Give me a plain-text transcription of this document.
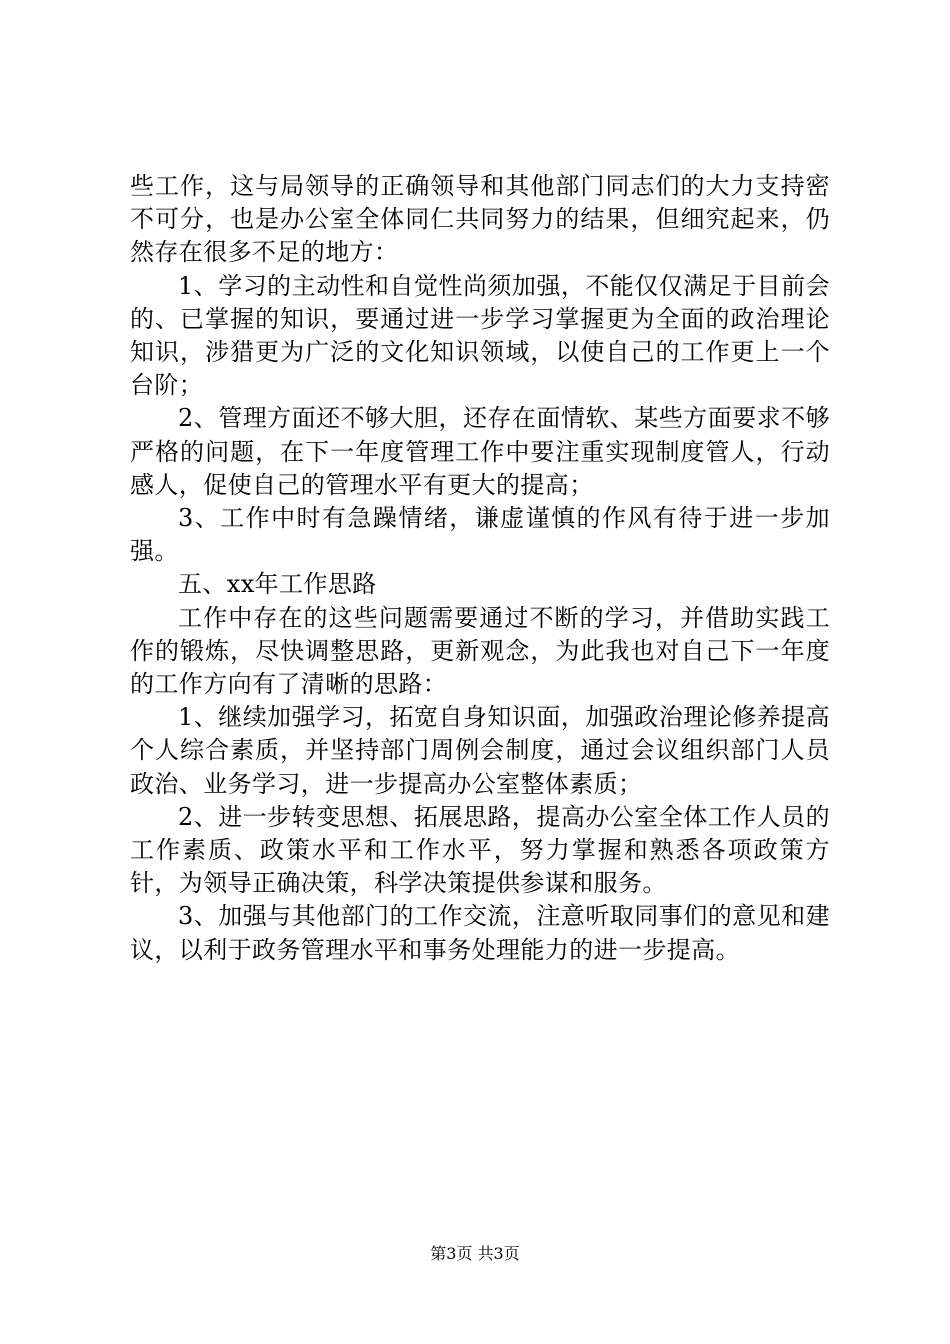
些工作，这与局领导的正确领导和其他部门同志们的大力支持密不可分，也是办公室全体同仁共同努力的结果，但细究起来，仍然存在很多不足的地方：

1、学习的主动性和自觉性尚须加强，不能仅仅满足于目前会的、已掌握的知识，要通过进一步学习掌握更为全面的政治理论知识，涉猎更为广泛的文化知识领域，以使自己的工作更上一个台阶；

2、管理方面还不够大胆，还存在面情软、某些方面要求不够严格的问题，在下一年度管理工作中要注重实现制度管人，行动感人，促使自己的管理水平有更大的提高；

3、工作中时有急躁情绪，谦虚谨慎的作风有待于进一步加强。

五、xx年工作思路

工作中存在的这些问题需要通过不断的学习，并借助实践工作的锻炼，尽快调整思路，更新观念，为此我也对自己下一年度的工作方向有了清晰的思路：

1、继续加强学习，拓宽自身知识面，加强政治理论修养提高个人综合素质，并坚持部门周例会制度，通过会议组织部门人员政治、业务学习，进一步提高办公室整体素质；

2、进一步转变思想、拓展思路，提高办公室全体工作人员的工作素质、政策水平和工作水平，努力掌握和熟悉各项政策方针，为领导正确决策，科学决策提供参谋和服务。

3、加强与其他部门的工作交流，注意听取同事们的意见和建议，以利于政务管理水平和事务处理能力的进一步提高。

第3页 共3页
